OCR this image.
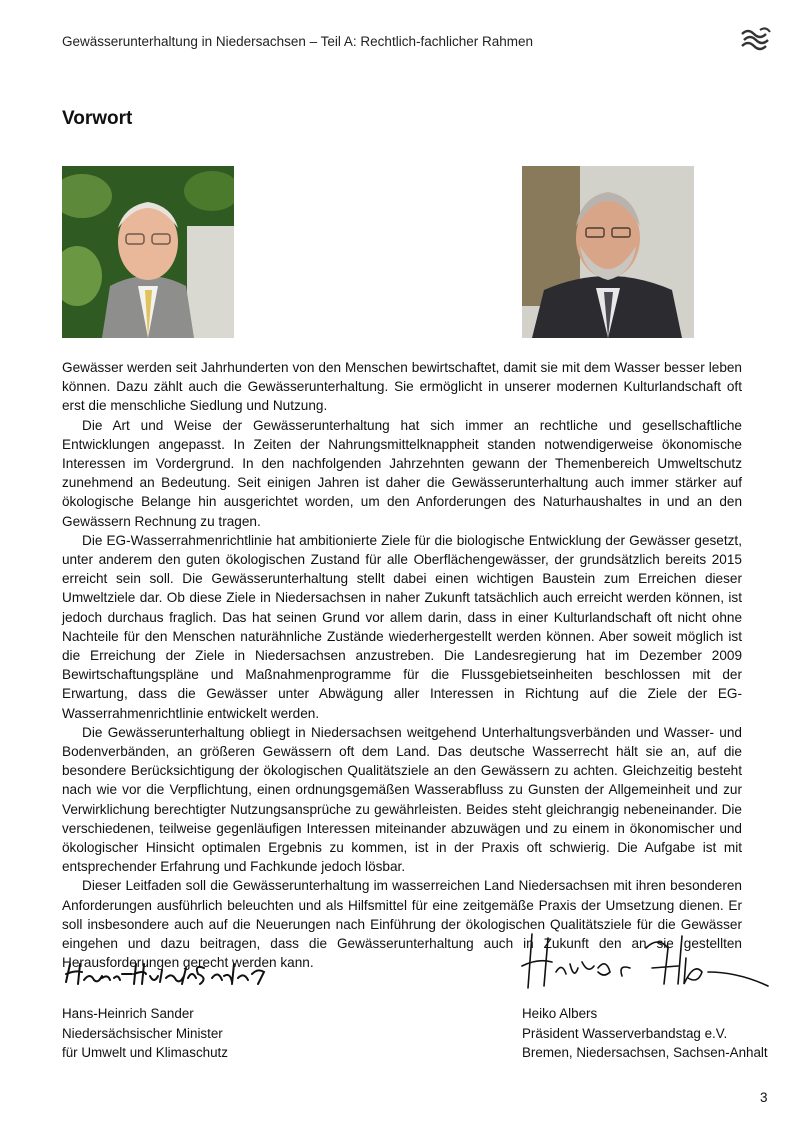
Gewässerunterhaltung in Niedersachsen – Teil A: Rechtlich-fachlicher Rahmen
Vorwort

Gewässer werden seit Jahrhunderten von den Menschen bewirtschaftet, damit sie mit dem Wasser besser leben können. Dazu zählt auch die Gewässerunterhaltung. Sie ermöglicht in unserer modernen Kulturlandschaft oft erst die menschliche Siedlung und Nutzung.

Die Art und Weise der Gewässerunterhaltung hat sich immer an rechtliche und gesellschaftliche Entwicklungen angepasst. In Zeiten der Nahrungsmittelknappheit standen notwendigerweise ökonomische Interessen im Vordergrund. In den nachfolgenden Jahrzehnten gewann der Themenbereich Umweltschutz zunehmend an Bedeutung. Seit einigen Jahren ist daher die Gewässerunterhaltung auch immer stärker auf ökologische Belange hin ausgerichtet worden, um den Anforderungen des Naturhaushaltes in und an den Gewässern Rechnung zu tragen.

Die EG-Wasserrahmenrichtlinie hat ambitionierte Ziele für die biologische Entwicklung der Gewässer gesetzt, unter anderem den guten ökologischen Zustand für alle Oberflächengewässer, der grundsätzlich bereits 2015 erreicht sein soll. Die Gewässerunterhaltung stellt dabei einen wichtigen Baustein zum Erreichen dieser Umweltziele dar. Ob diese Ziele in Niedersachsen in naher Zukunft tatsächlich auch erreicht werden können, ist jedoch durchaus fraglich. Das hat seinen Grund vor allem darin, dass in einer Kulturlandschaft oft nicht ohne Nachteile für den Menschen naturähnliche Zustände wiederhergestellt werden können. Aber soweit möglich ist die Erreichung der Ziele in Niedersachsen anzustreben. Die Landesregierung hat im Dezember 2009 Bewirtschaftungspläne und Maßnahmenprogramme für die Flussgebietseinheiten beschlossen mit der Erwartung, dass die Gewässer unter Abwägung aller Interessen in Richtung auf die Ziele der EG-Wasserrahmenrichtlinie entwickelt werden.

Die Gewässerunterhaltung obliegt in Niedersachsen weitgehend Unterhaltungsverbänden und Wasser- und Bodenverbänden, an größeren Gewässern oft dem Land. Das deutsche Wasserrecht hält sie an, auf die besondere Berücksichtigung der ökologischen Qualitätsziele an den Gewässern zu achten. Gleichzeitig besteht nach wie vor die Verpflichtung, einen ordnungsgemäßen Wasserabfluss zu Gunsten der Allgemeinheit und zur Verwirklichung berechtigter Nutzungsansprüche zu gewährleisten. Beides steht gleichrangig nebeneinander. Die verschiedenen, teilweise gegenläufigen Interessen miteinander abzuwägen und zu einem in ökonomischer und ökologischer Hinsicht optimalen Ergebnis zu kommen, ist in der Praxis oft schwierig. Die Aufgabe ist mit entsprechender Erfahrung und Fachkunde jedoch lösbar.

Dieser Leitfaden soll die Gewässerunterhaltung im wasserreichen Land Niedersachsen mit ihren besonderen Anforderungen ausführlich beleuchten und als Hilfsmittel für eine zeitgemäße Praxis der Umsetzung dienen. Er soll insbesondere auch auf die Neuerungen nach Einführung der ökologischen Qualitätsziele für die Gewässer eingehen und dazu beitragen, dass die Gewässerunterhaltung auch in Zukunft den an sie gestellten Herausforderungen gerecht werden kann.

Hans-Heinrich Sander
Niedersächsischer Minister
für Umwelt und Klimaschutz
Heiko Albers
Präsident Wasserverbandstag e.V.
Bremen, Niedersachsen, Sachsen-Anhalt
3
